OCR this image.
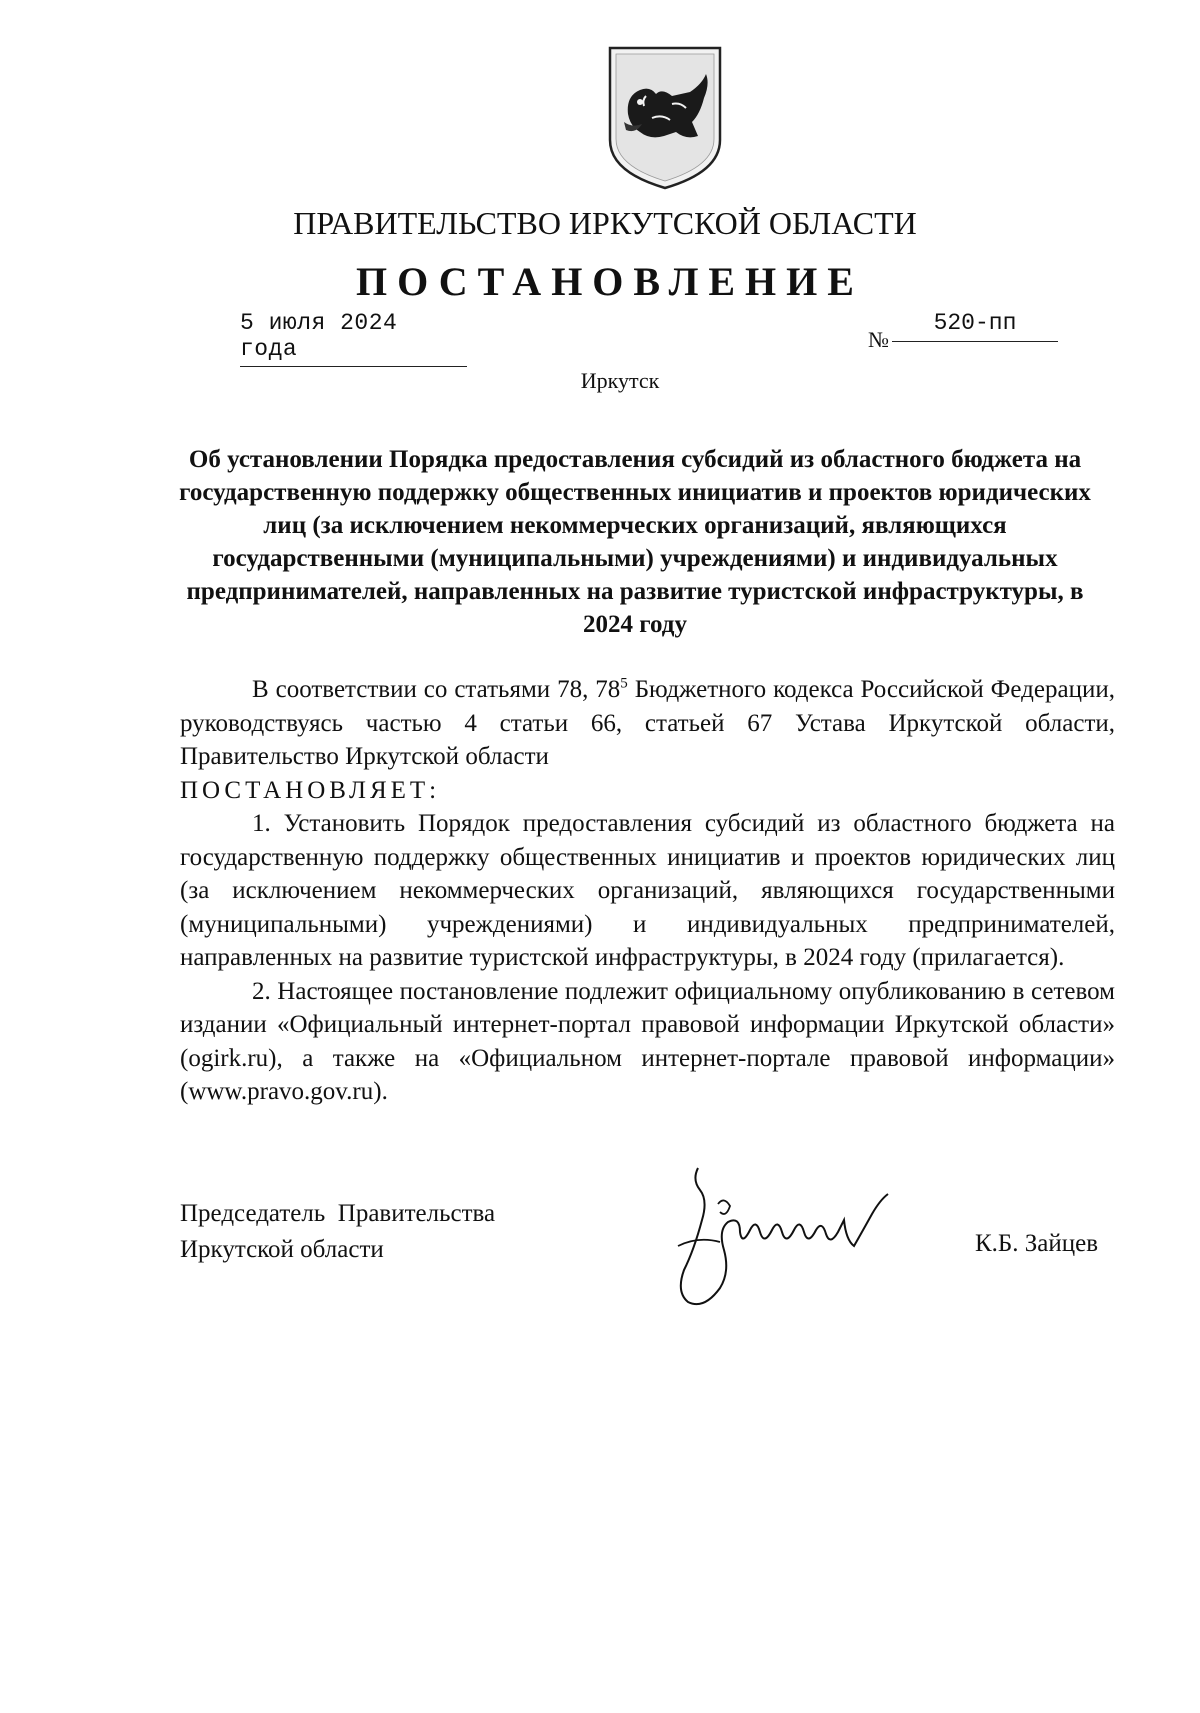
ПРАВИТЕЛЬСТВО ИРКУТСКОЙ ОБЛАСТИ
ПОСТАНОВЛЕНИЕ
5 июля 2024 года	№
520-пп
Иркутск
Об установлении Порядка предоставления субсидий из областного бюджета на государственную поддержку общественных инициатив и проектов юридических лиц (за исключением некоммерческих организаций, являющихся государственными (муниципальными) учреждениями) и индивидуальных предпринимателей, направленных на развитие туристской инфраструктуры, в 2024 году

В соответствии со статьями 78, $78^5$ Бюджетного кодекса Российской Федерации, руководствуясь частью 4 статьи 66, статьей 67 Устава Иркутской области, Правительство Иркутской области

ПОСТАНОВЛЯЕТ:

1. Установить Порядок предоставления субсидий из областного бюджета на государственную поддержку общественных инициатив и проектов юридических лиц (за исключением некоммерческих организаций, являющихся государственными (муниципальными) учреждениями) и индивидуальных предпринимателей, направленных на развитие туристской инфраструктуры, в 2024 году (прилагается).

2. Настоящее постановление подлежит официальному опубликованию в сетевом издании «Официальный интернет-портал правовой информации Иркутской области» (ogirk.ru), а также на «Официальном интернет-портале правовой информации» (www.pravo.gov.ru).

Председатель  Правительства
Иркутской области	К.Б. Зайцев
